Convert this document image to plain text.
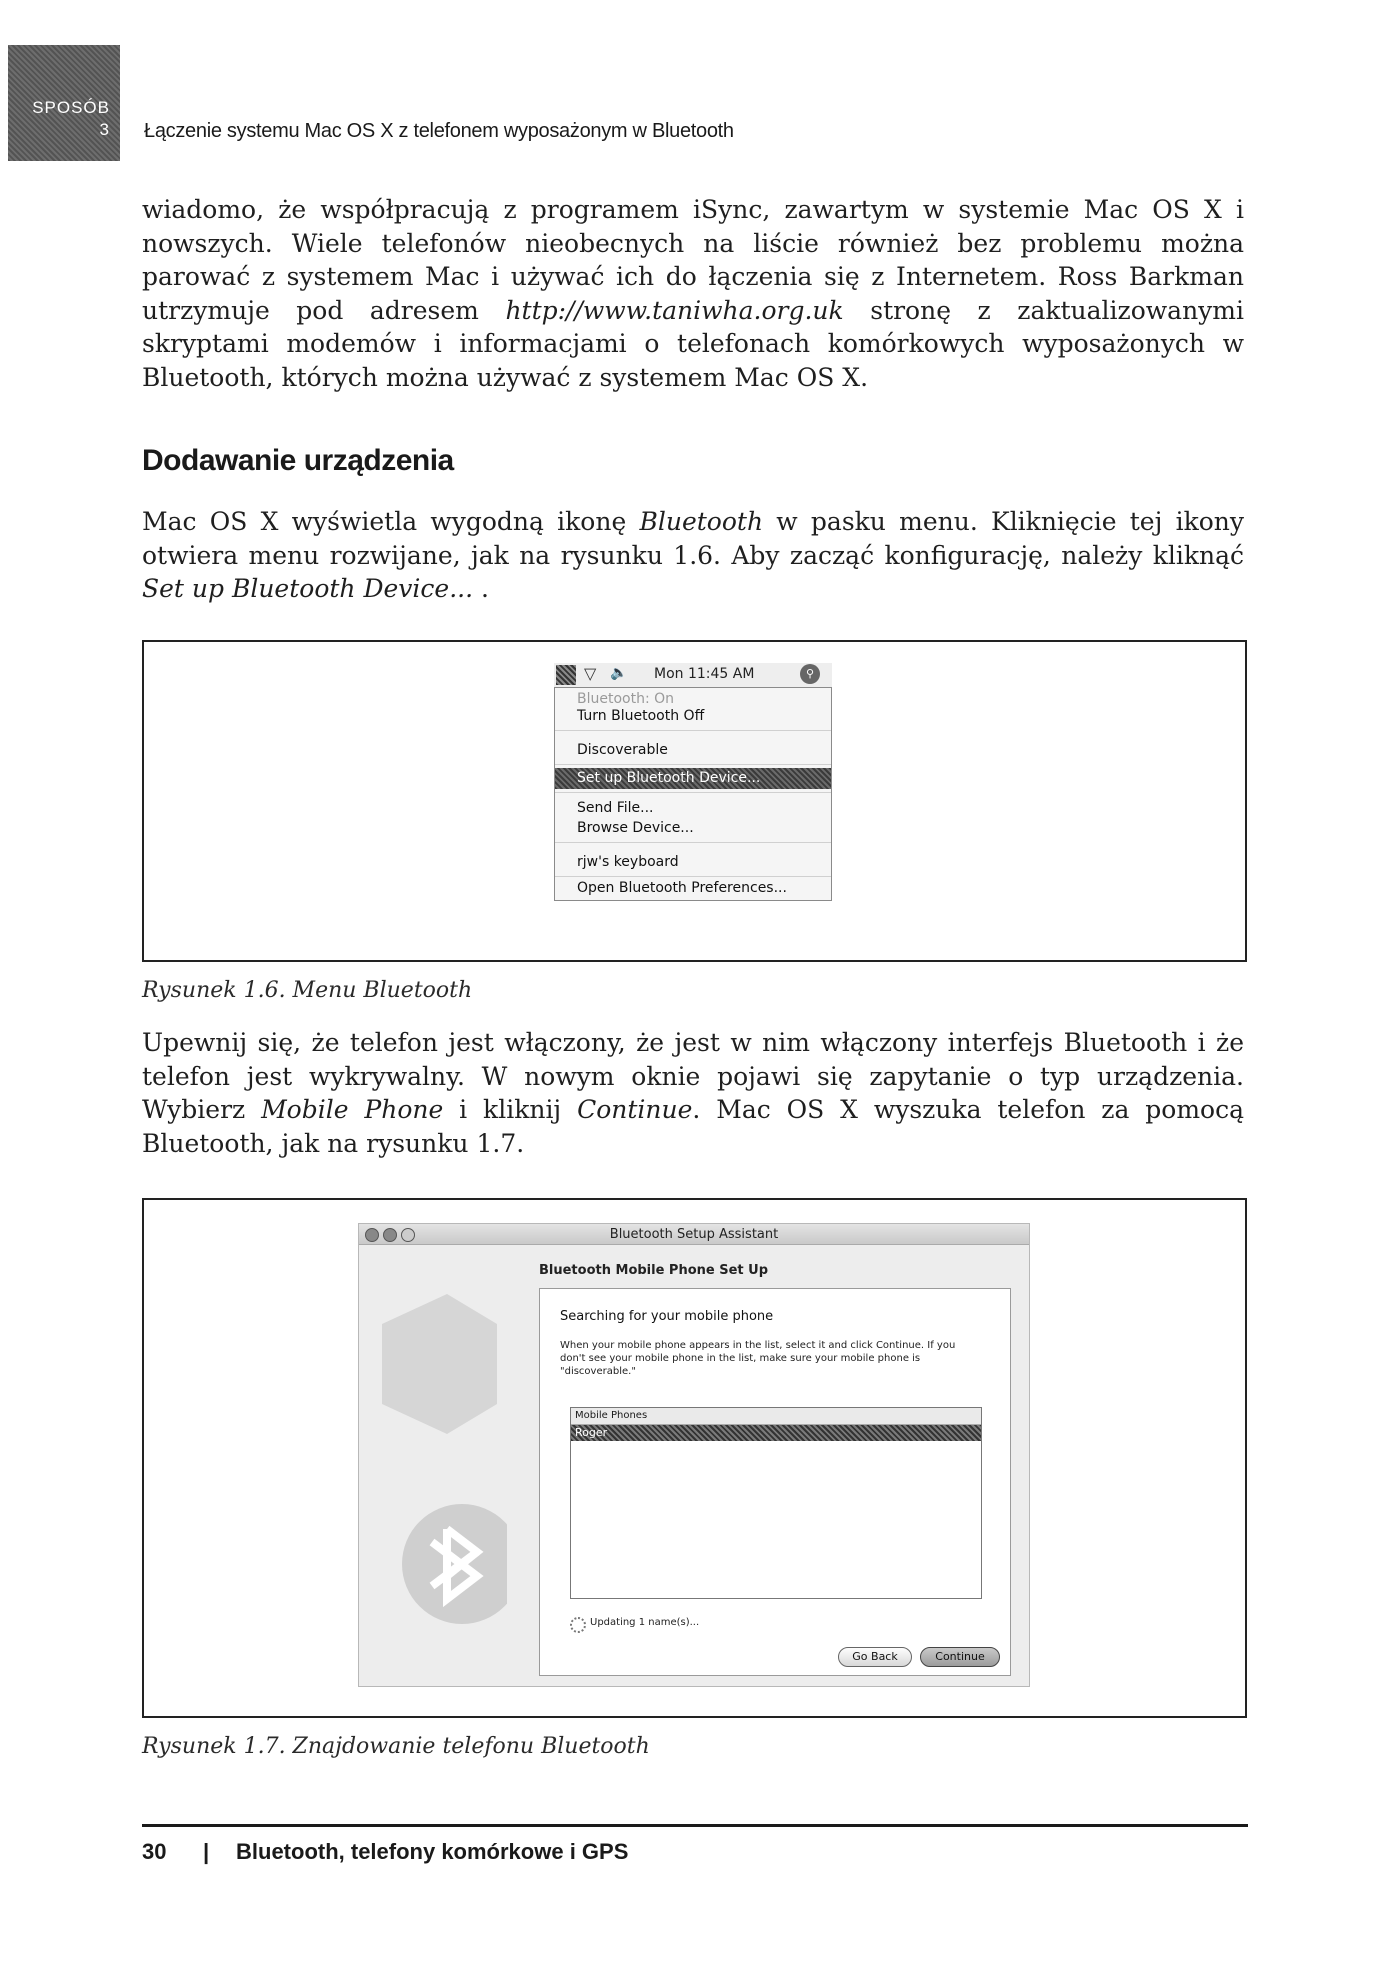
SPOSÓB
3 Łączenie systemu Mac OS X z telefonem wyposażonym w Bluetooth
wiadomo, że współpracują z programem iSync, zawartym w systemie Mac OS X i nowszych. Wiele telefonów nieobecnych na liście również bez problemu można parować z systemem Mac i używać ich do łączenia się z Internetem. Ross Barkman utrzymuje pod adresem http://www.taniwha.org.uk stronę z zaktualizowanymi skryptami modemów i informacjami o telefonach komórkowych wyposażonych w Bluetooth, których można używać z systemem Mac OS X.
Dodawanie urządzenia
Mac OS X wyświetla wygodną ikonę Bluetooth w pasku menu. Kliknięcie tej ikony otwiera menu rozwijane, jak na rysunku 1.6. Aby zacząć konfigurację, należy kliknąć Set up Bluetooth Device... .
▽ 🔈 Mon 11:45 AM	⚲
Bluetooth: On
Turn Bluetooth Off
Discoverable
Set up Bluetooth Device...
Send File...
Browse Device...
rjw's keyboard
Open Bluetooth Preferences...
Rysunek 1.6. Menu Bluetooth
Upewnij się, że telefon jest włączony, że jest w nim włączony interfejs Bluetooth i że telefon jest wykrywalny. W nowym oknie pojawi się zapytanie o typ urządzenia. Wybierz Mobile Phone i kliknij Continue. Mac OS X wyszuka telefon za pomocą Bluetooth, jak na rysunku 1.7.
Bluetooth Setup Assistant
Bluetooth Mobile Phone Set Up
Searching for your mobile phone
When your mobile phone appears in the list, select it and click Continue. If you don't see your mobile phone in the list, make sure your mobile phone is "discoverable."
Mobile Phones
Roger
Updating 1 name(s)...
Go Back	Continue
Rysunek 1.7. Znajdowanie telefonu Bluetooth
30 | Bluetooth, telefony komórkowe i GPS
